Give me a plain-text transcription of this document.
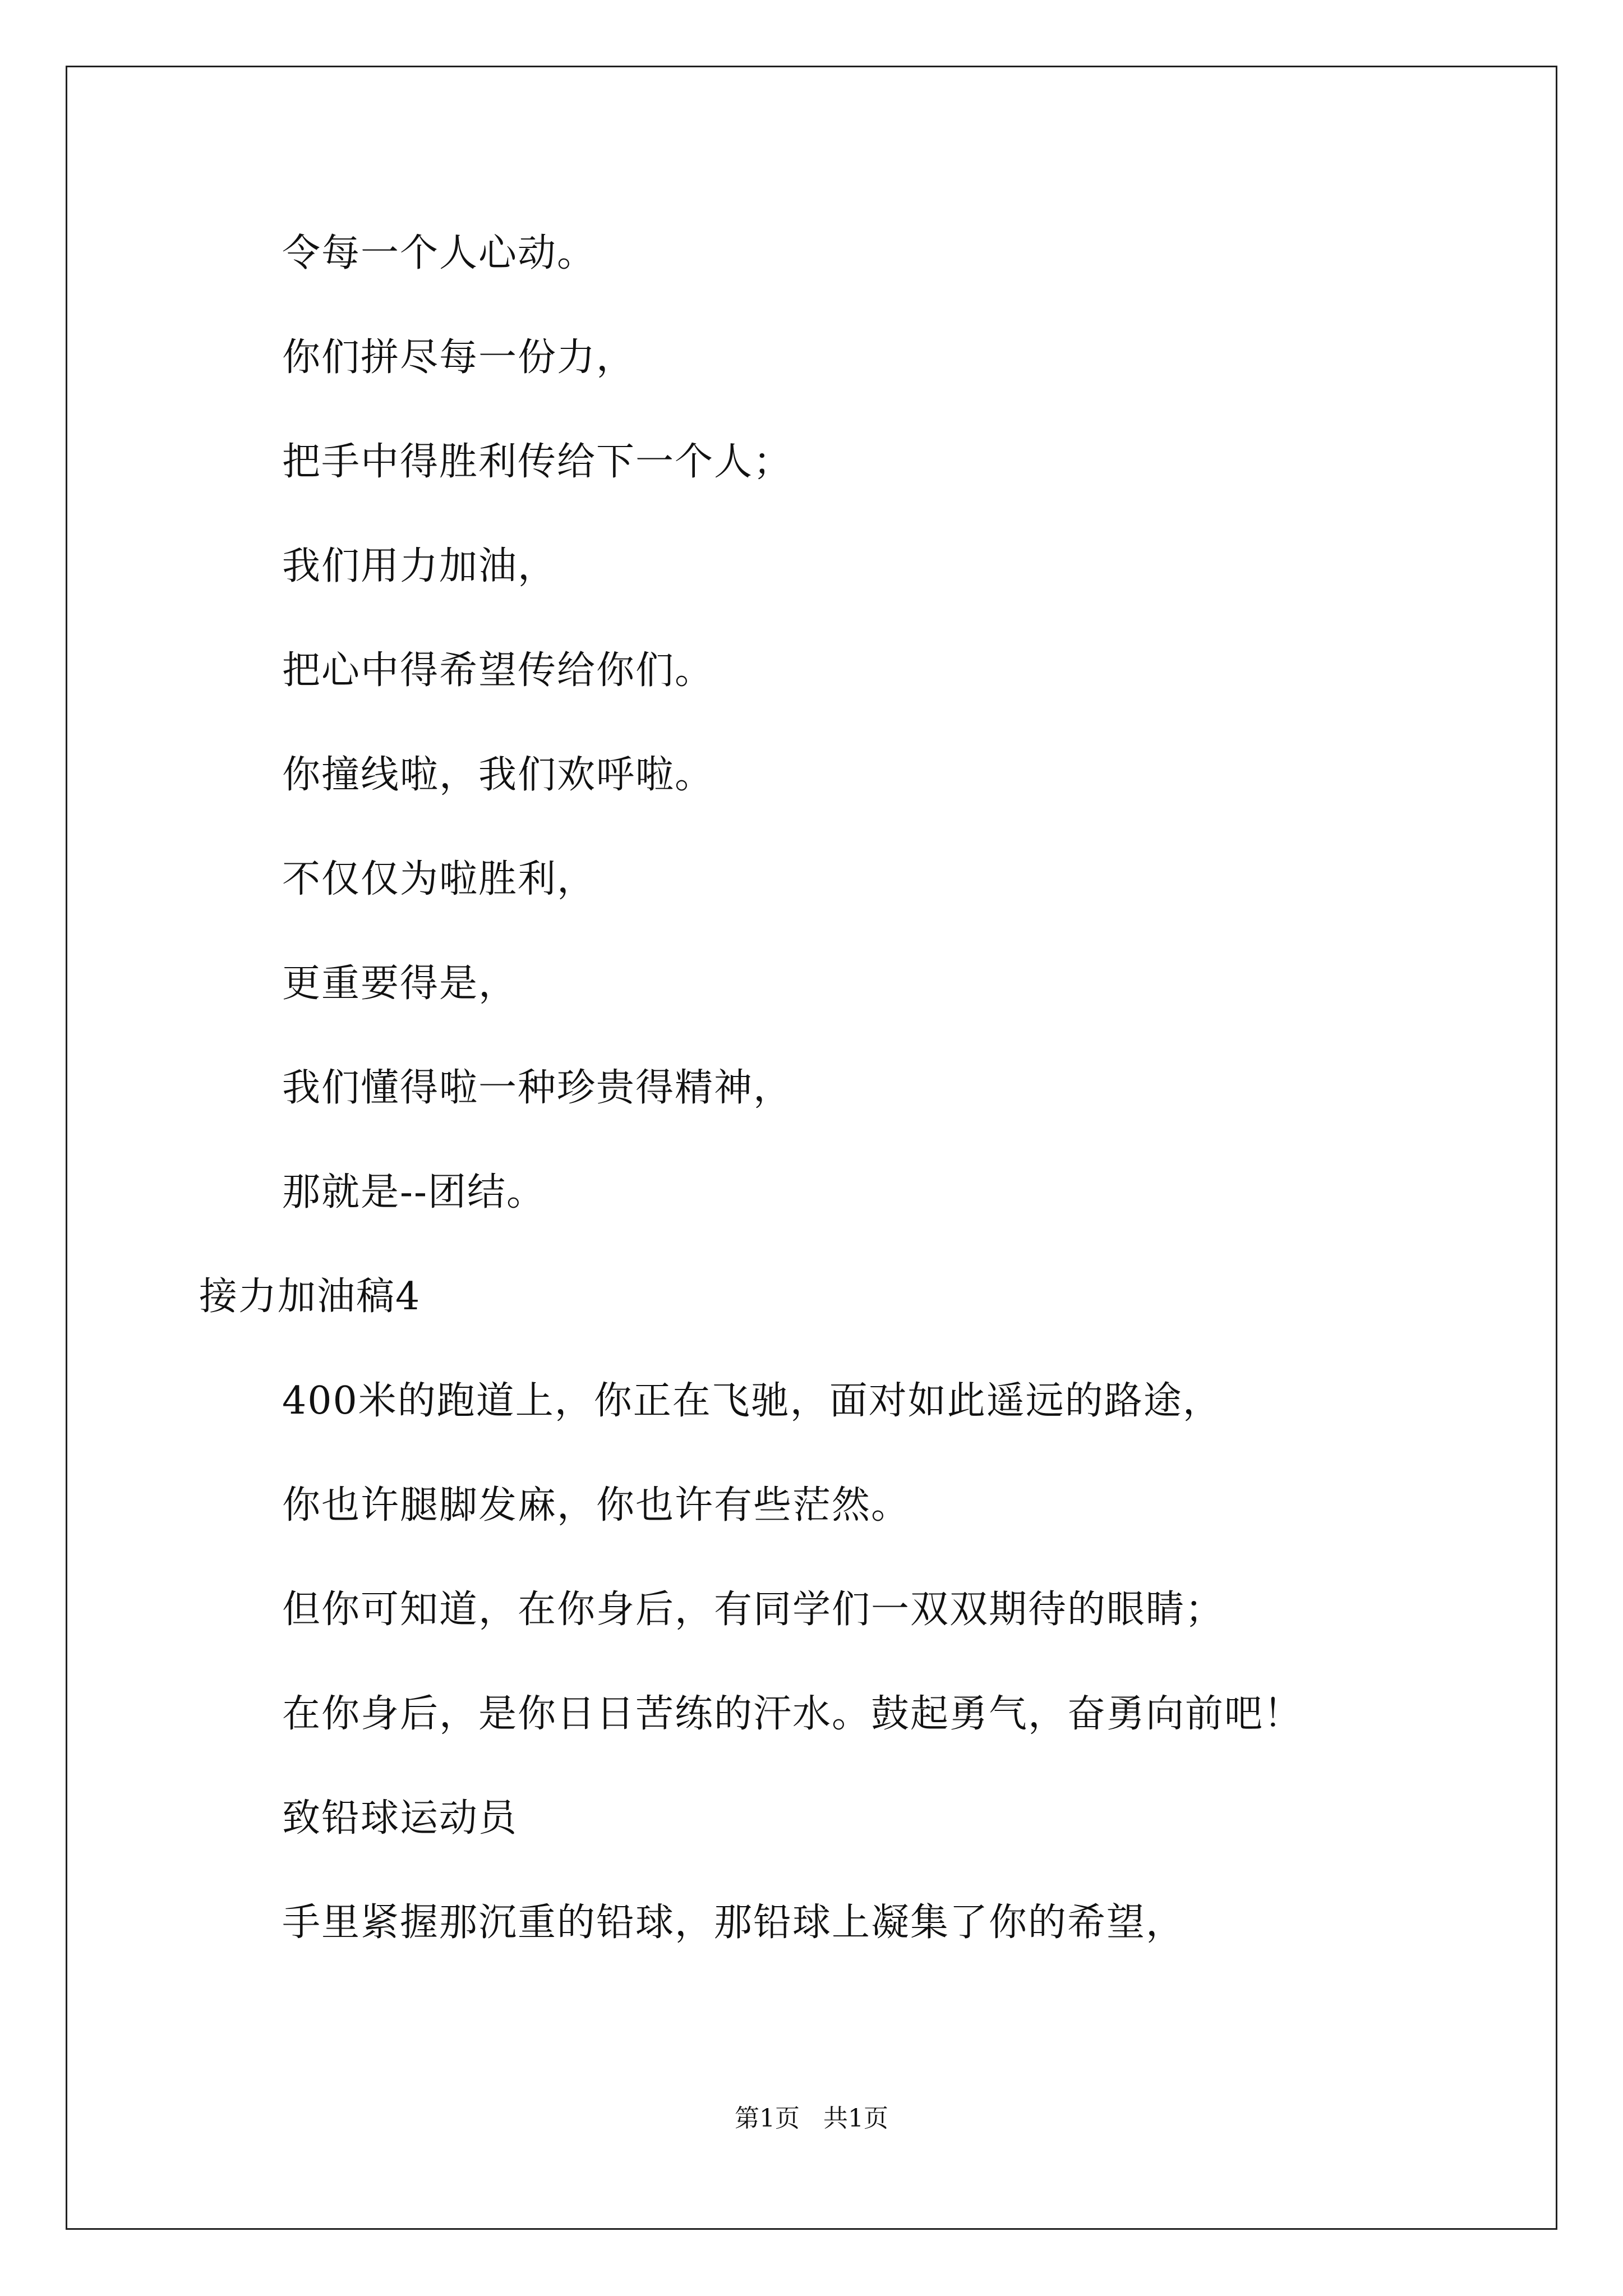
令每一个人心动。
你们拼尽每一份力，
把手中得胜利传给下一个人；
我们用力加油，
把心中得希望传给你们。
你撞线啦，我们欢呼啦。
不仅仅为啦胜利，
更重要得是，
我们懂得啦一种珍贵得精神，
那就是--团结。
接力加油稿4
400米的跑道上，你正在飞驰，面对如此遥远的路途，
你也许腿脚发麻，你也许有些茫然。
但你可知道，在你身后，有同学们一双双期待的眼睛；
在你身后，是你日日苦练的汗水。鼓起勇气，奋勇向前吧！
致铅球运动员
手里紧握那沉重的铅球，那铅球上凝集了你的希望，
第1页   共1页
